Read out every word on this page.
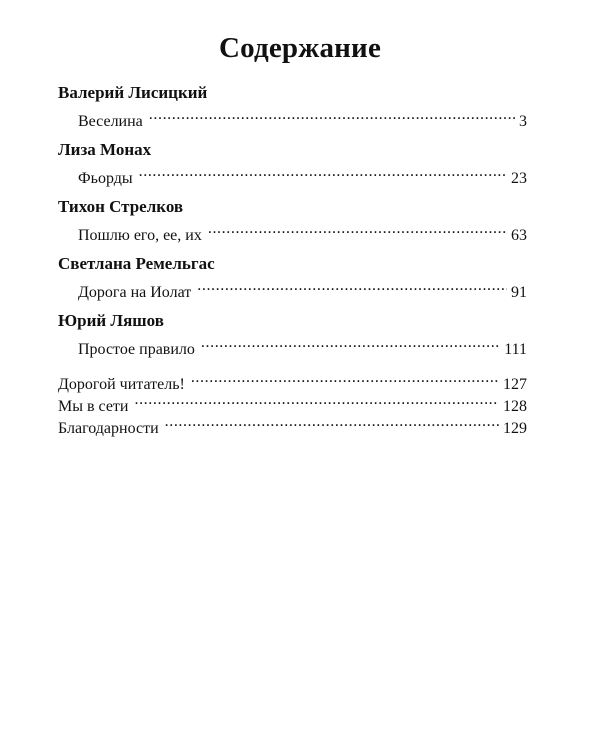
Содержание
Валерий Лисицкий
Веселина .....	3
Лиза Монах
Фьорды .....	23
Тихон Стрелков
Пошлю его, ее, их .....	63
Светлана Ремельгас
Дорога на Иолат .....	91
Юрий Ляшов
Простое правило .....	111
Дорогой читатель! .....	127
Мы в сети .....	128
Благодарности .....	129
